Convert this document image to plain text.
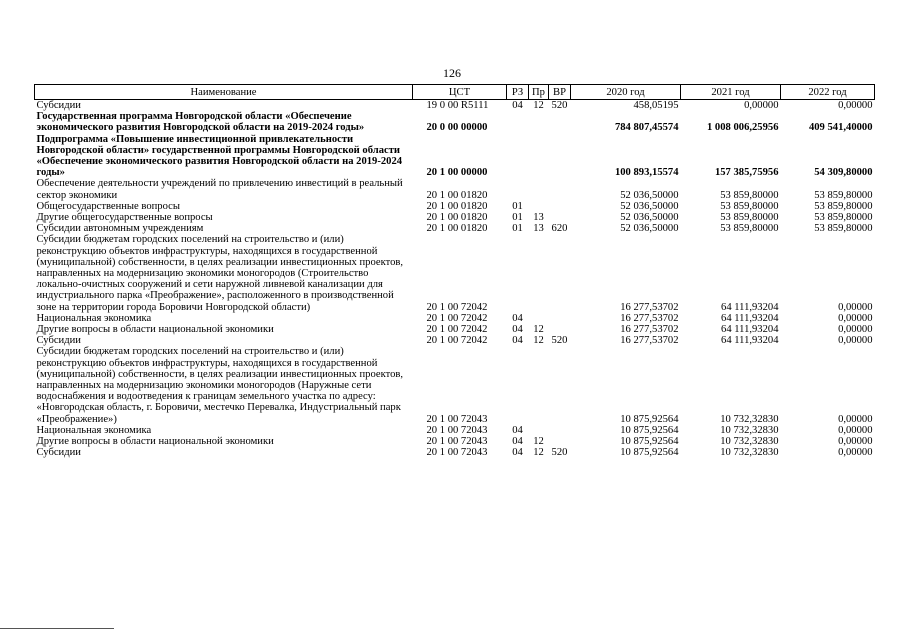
126
Наименование	ЦСТ	РЗ	Пр	ВР	2020 год	2021 год	2022 год
Субсидии	19 0 00 R5111	04	12	520	458,05195	0,00000	0,00000
Государственная программа Новгородской области «Обеспечение экономического развития Новгородской области на 2019-2024 годы»	20 0 00 00000				784 807,45574	1 008 006,25956	409 541,40000
Подпрограмма «Повышение инвестиционной привлекательности Новгородской области» государственной программы Новгородской области «Обеспечение экономического развития Новгородской области на 2019-2024 годы»	20 1 00 00000				100 893,15574	157 385,75956	54 309,80000
Обеспечение деятельности учреждений по привлечению инвестиций в реальный сектор экономики	20 1 00 01820				52 036,50000	53 859,80000	53 859,80000
Общегосударственные вопросы	20 1 00 01820	01			52 036,50000	53 859,80000	53 859,80000
Другие общегосударственные вопросы	20 1 00 01820	01	13		52 036,50000	53 859,80000	53 859,80000
Субсидии автономным учреждениям	20 1 00 01820	01	13	620	52 036,50000	53 859,80000	53 859,80000
Субсидии бюджетам городских поселений на строительство и (или) реконструкцию объектов инфраструктуры, находящихся в государственной (муниципальной) собственности, в целях реализации инвестиционных проектов, направленных на модернизацию экономики моногородов (Строительство локально-очистных сооружений и сети наружной ливневой канализации для индустриального парка «Преображение», расположенного в производственной зоне на территории города Боровичи Новгородской области)	20 1 00 72042				16 277,53702	64 111,93204	0,00000
Национальная экономика	20 1 00 72042	04			16 277,53702	64 111,93204	0,00000
Другие вопросы в области национальной экономики	20 1 00 72042	04	12		16 277,53702	64 111,93204	0,00000
Субсидии	20 1 00 72042	04	12	520	16 277,53702	64 111,93204	0,00000
Субсидии бюджетам городских поселений на строительство и (или) реконструкцию объектов инфраструктуры, находящихся в государственной (муниципальной) собственности, в целях реализации инвестиционных проектов, направленных на модернизацию экономики моногородов (Наружные сети водоснабжения и водоотведения к границам земельного участка по адресу: «Новгородская область, г. Боровичи, местечко Перевалка, Индустриальный парк «Преображение»)	20 1 00 72043				10 875,92564	10 732,32830	0,00000
Национальная экономика	20 1 00 72043	04			10 875,92564	10 732,32830	0,00000
Другие вопросы в области национальной экономики	20 1 00 72043	04	12		10 875,92564	10 732,32830	0,00000
Субсидии	20 1 00 72043	04	12	520	10 875,92564	10 732,32830	0,00000
